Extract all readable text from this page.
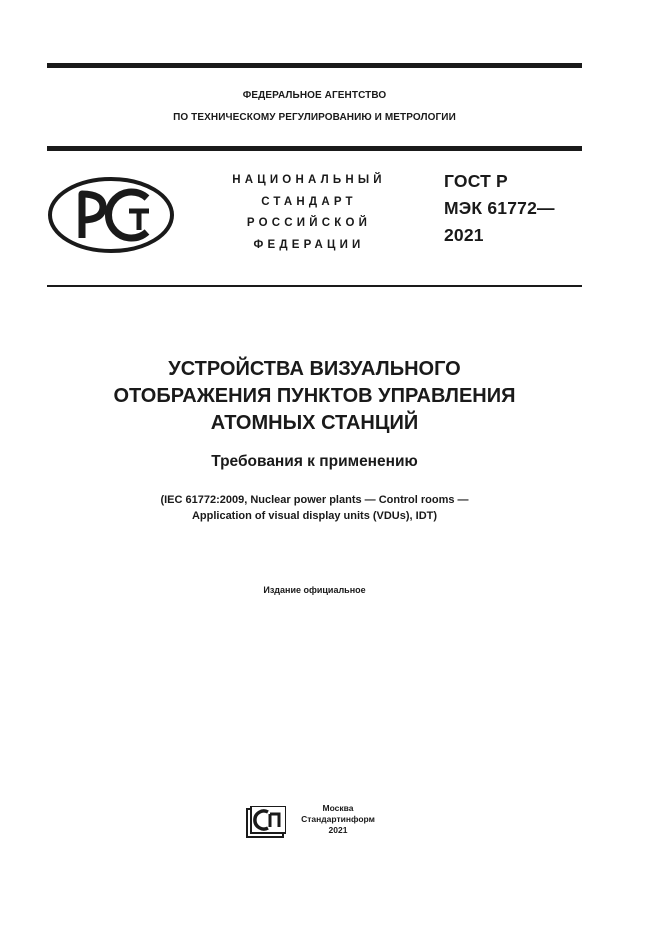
ФЕДЕРАЛЬНОЕ АГЕНТСТВО
ПО ТЕХНИЧЕСКОМУ РЕГУЛИРОВАНИЮ И МЕТРОЛОГИИ
НАЦИОНАЛЬНЫЙ
СТАНДАРТ
РОССИЙСКОЙ
ФЕДЕРАЦИИ
ГОСТ Р
МЭК 61772—
2021
УСТРОЙСТВА ВИЗУАЛЬНОГО
ОТОБРАЖЕНИЯ ПУНКТОВ УПРАВЛЕНИЯ
АТОМНЫХ СТАНЦИЙ
Требования к применению
(IEC 61772:2009, Nuclear power plants — Control rooms —
Application of visual display units (VDUs), IDT)
Издание официальное
Москва
Стандартинформ
2021
